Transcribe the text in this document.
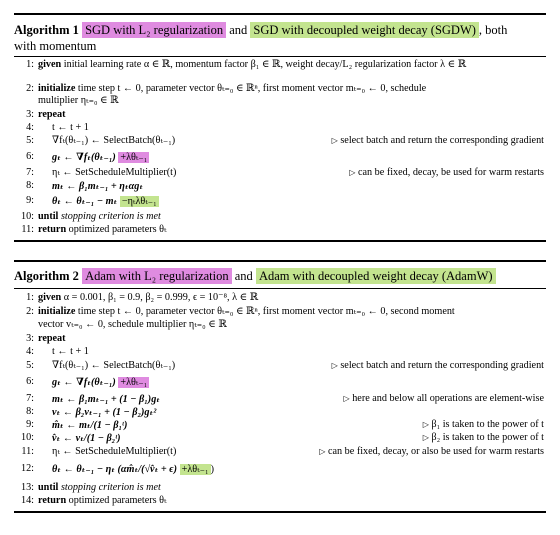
Algorithm 1 SGD with L₂ regularization and SGD with decoupled weight decay (SGDW) , both
with momentum
1: given initial learning rate α ∈ ℝ, momentum factor β₁ ∈ ℝ, weight decay/L₂ regularization factor λ ∈ ℝ
2: initialize time step t ← 0, parameter vector θₜ₌₀ ∈ ℝⁿ, first moment vector mₜ₌₀ ← 0, schedule
multiplier ηₜ₌₀ ∈ ℝ
3: repeat
4: t ← t + 1
5: ∇fₜ(θₜ₋₁) ← SelectBatch(θₜ₋₁)	▷ select batch and return the corresponding gradient
6: gₜ ← ∇fₜ(θₜ₋₁) +λθₜ₋₁
7: ηₜ ← SetScheduleMultiplier(t)	▷ can be fixed, decay, be used for warm restarts
8: mₜ ← β₁mₜ₋₁ + ηₜαgₜ
9: θₜ ← θₜ₋₁ − mₜ −ηₜλθₜ₋₁
10: until stopping criterion is met
11: return optimized parameters θₜ
Algorithm 2 Adam with L₂ regularization and Adam with decoupled weight decay (AdamW)
1: given α = 0.001, β₁ = 0.9, β₂ = 0.999, ϵ = 10⁻⁸, λ ∈ ℝ
2: initialize time step t ← 0, parameter vector θₜ₌₀ ∈ ℝⁿ, first moment vector mₜ₌₀ ← 0, second moment
vector vₜ₌₀ ← 0, schedule multiplier ηₜ₌₀ ∈ ℝ
3: repeat
4: t ← t + 1
5: ∇fₜ(θₜ₋₁) ← SelectBatch(θₜ₋₁)	▷ select batch and return the corresponding gradient
6: gₜ ← ∇fₜ(θₜ₋₁) +λθₜ₋₁
7: mₜ ← β₁mₜ₋₁ + (1 − β₁)gₜ	▷ here and below all operations are element-wise
8: vₜ ← β₂vₜ₋₁ + (1 − β₂)gₜ²
9: m̂ₜ ← mₜ/(1 − β₁ᵗ)	▷ β₁ is taken to the power of t
10: v̂ₜ ← vₜ/(1 − β₂ᵗ)	▷ β₂ is taken to the power of t
11: ηₜ ← SetScheduleMultiplier(t)	▷ can be fixed, decay, or also be used for warm restarts
12: θₜ ← θₜ₋₁ − ηₜ (αm̂ₜ/(√v̂ₜ + ϵ) +λθₜ₋₁ )
13: until stopping criterion is met
14: return optimized parameters θₜ
